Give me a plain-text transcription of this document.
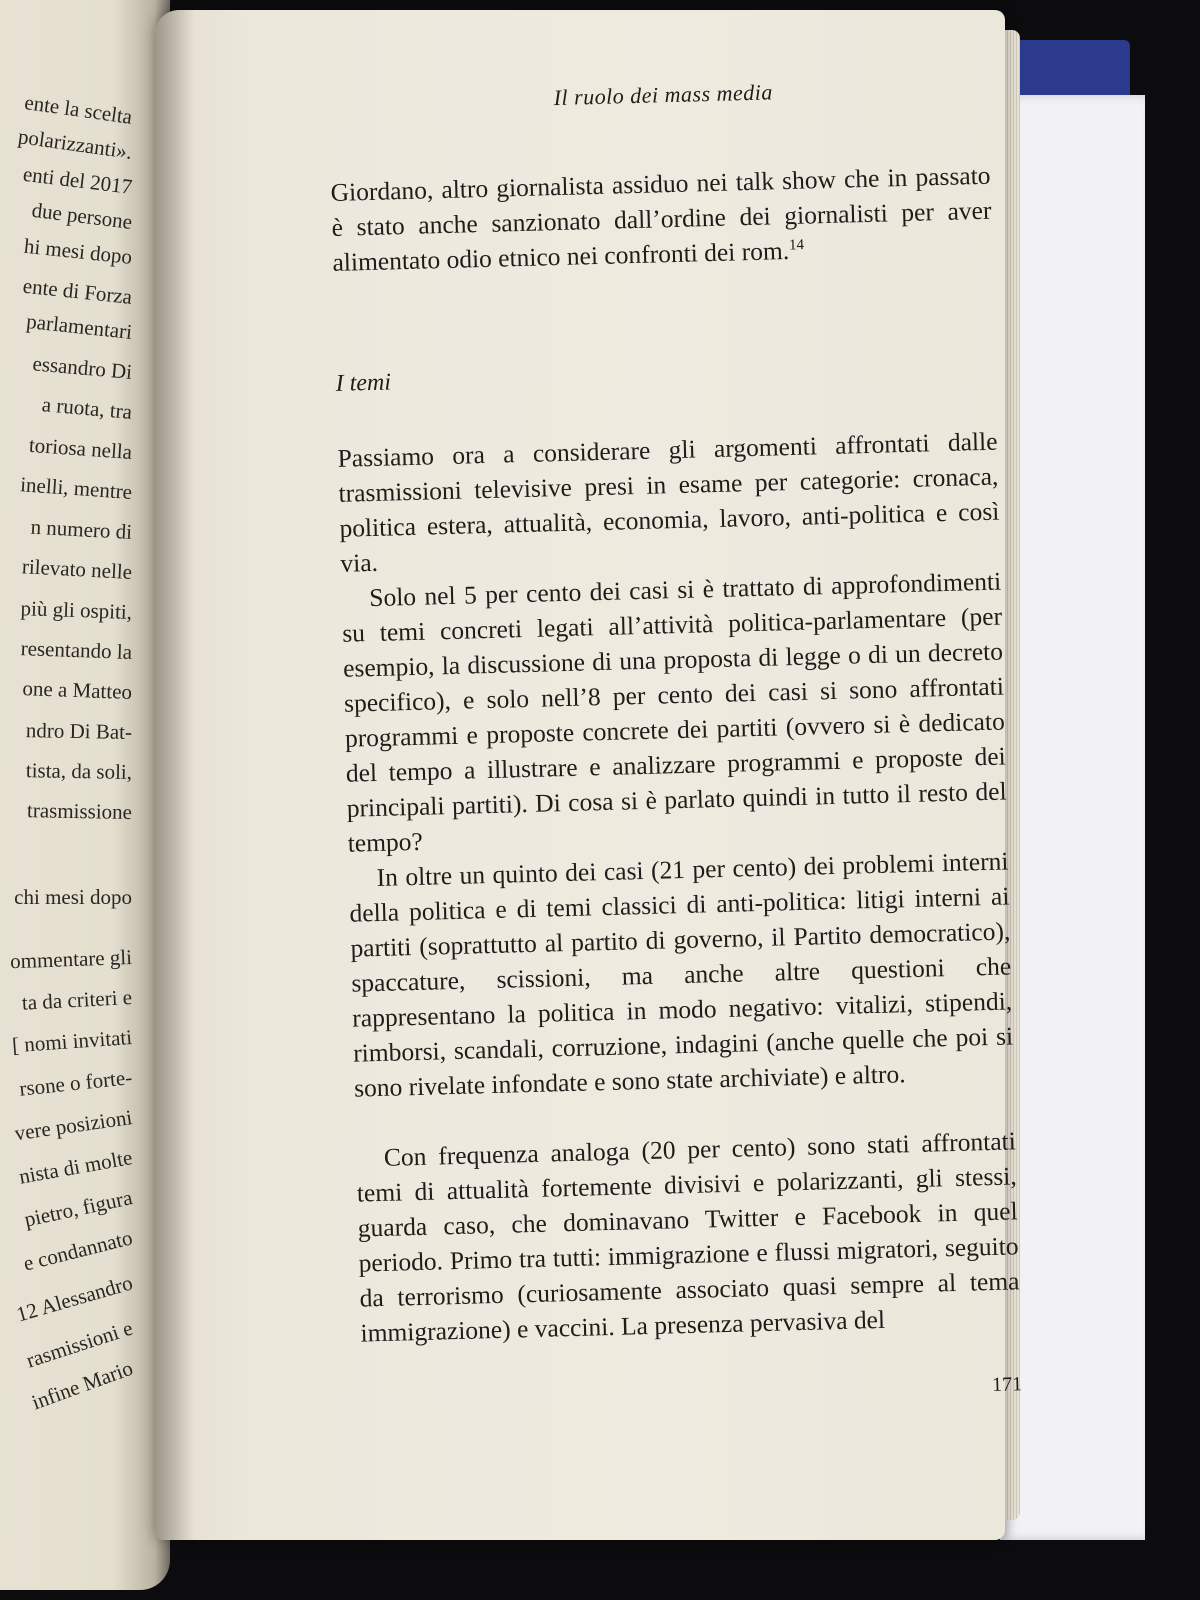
ente la scelta
polarizzanti».
enti del 2017
due persone
hi mesi dopo
ente di Forza
parlamentari
essandro Di
a ruota, tra
toriosa nella
inelli, mentre
n numero di
rilevato nelle
più gli ospiti,
resentando la
one a Matteo
ndro Di Bat-
tista, da soli,
trasmissione
chi mesi dopo
ommentare gli
ta da criteri e
[ nomi invitati
rsone o forte-
vere posizioni
nista di molte
pietro, figura
e condannato
12 Alessandro
rasmissioni e
infine Mario
Il ruolo dei mass media

Giordano, altro giornalista assiduo nei talk show che in passato è stato anche sanzionato dall’ordine dei giornalisti per aver alimentato odio etnico nei confronti dei rom.$^{14}$

I temi

Passiamo ora a considerare gli argomenti affrontati dalle trasmissioni televisive presi in esame per categorie: cronaca, politica estera, attualità, economia, lavoro, anti-politica e così via.

Solo nel 5 per cento dei casi si è trattato di approfondimenti su temi concreti legati all’attività politica-parlamentare (per esempio, la discussione di una proposta di legge o di un decreto specifico), e solo nell’8 per cento dei casi si sono affrontati programmi e proposte concrete dei partiti (ovvero si è dedicato del tempo a illustrare e analizzare programmi e proposte dei principali partiti). Di cosa si è parlato quindi in tutto il resto del tempo?

In oltre un quinto dei casi (21 per cento) dei problemi interni della politica e di temi classici di anti-politica: litigi interni ai partiti (soprattutto al partito di governo, il Partito democratico), spaccature, scissioni, ma anche altre questioni che rappresentano la politica in modo negativo: vitalizi, stipendi, rimborsi, scandali, corruzione, indagini (anche quelle che poi si sono rivelate infondate e sono state archiviate) e altro.

Con frequenza analoga (20 per cento) sono stati affrontati temi di attualità fortemente divisivi e polarizzanti, gli stessi, guarda caso, che dominavano Twitter e Facebook in quel periodo. Primo tra tutti: immigrazione e flussi migratori, seguito da terrorismo (curiosamente associato quasi sempre al tema immigrazione) e vaccini. La presenza pervasiva del

171
